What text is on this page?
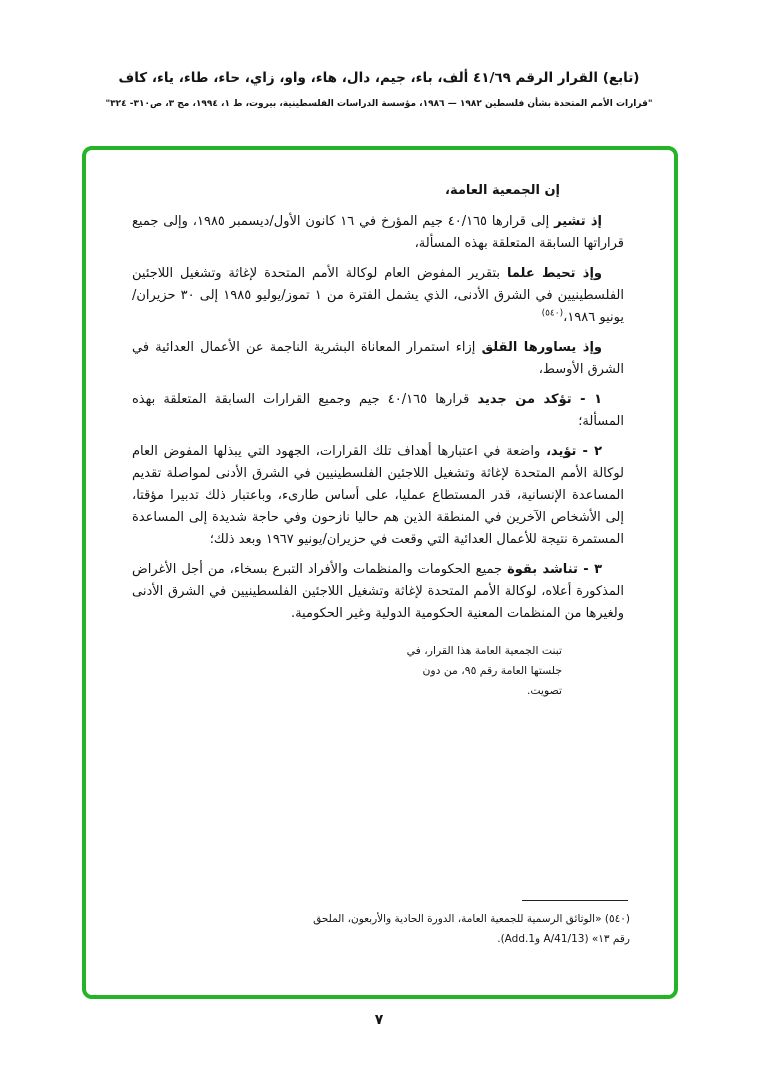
(تابع) القرار الرقم ٤١/٦٩ ألف، باء، جيم، دال، هاء، واو، زاي، حاء، طاء، ياء، كاف
"قرارات الأمم المتحدة بشأن فلسطين ١٩٨٢ — ١٩٨٦، مؤسسة الدراسات الفلسطينية، بيروت، ط ١، ١٩٩٤، مج ٣، ص٣١٠- ٣٢٤"

إن الجمعية العامة،

إذ تشير إلى قرارها ٤٠/١٦٥ جيم المؤرخ في ١٦ كانون الأول/ديسمبر ١٩٨٥، وإلى جميع قراراتها السابقة المتعلقة بهذه المسألة،

وإذ تحيط علما بتقرير المفوض العام لوكالة الأمم المتحدة لإغاثة وتشغيل اللاجئين الفلسطينيين في الشرق الأدنى، الذي يشمل الفترة من ١ تموز/يوليو ١٩٨٥ إلى ٣٠ حزيران/يونيو ١٩٨٦،$^{(٥٤٠)}$

وإذ يساورها القلق إزاء استمرار المعاناة البشرية الناجمة عن الأعمال العدائية في الشرق الأوسط،

١ - تؤكد من جديد قرارها ٤٠/١٦٥ جيم وجميع القرارات السابقة المتعلقة بهذه المسألة؛

٢ - تؤيد، واضعة في اعتبارها أهداف تلك القرارات، الجهود التي يبذلها المفوض العام لوكالة الأمم المتحدة لإغاثة وتشغيل اللاجئين الفلسطينيين في الشرق الأدنى لمواصلة تقديم المساعدة الإنسانية، قدر المستطاع عمليا، على أساس طارىء، وباعتبار ذلك تدبيرا مؤقتا، إلى الأشخاص الآخرين في المنطقة الذين هم حاليا نازحون وفي حاجة شديدة إلى المساعدة المستمرة نتيجة للأعمال العدائية التي وقعت في حزيران/يونيو ١٩٦٧ وبعد ذلك؛

٣ - تناشد بقوة جميع الحكومات والمنظمات والأفراد التبرع بسخاء، من أجل الأغراض المذكورة أعلاه، لوكالة الأمم المتحدة لإغاثة وتشغيل اللاجئين الفلسطينيين في الشرق الأدنى ولغيرها من المنظمات المعنية الحكومية الدولية وغير الحكومية.

تبنت الجمعية العامة هذا القرار، في جلستها العامة رقم ٩٥، من دون تصويت.
(٥٤٠) «الوثائق الرسمية للجمعية العامة، الدورة الحادية والأربعون، الملحق رقم ١٣» (A/41/13 وAdd.1).
٧
